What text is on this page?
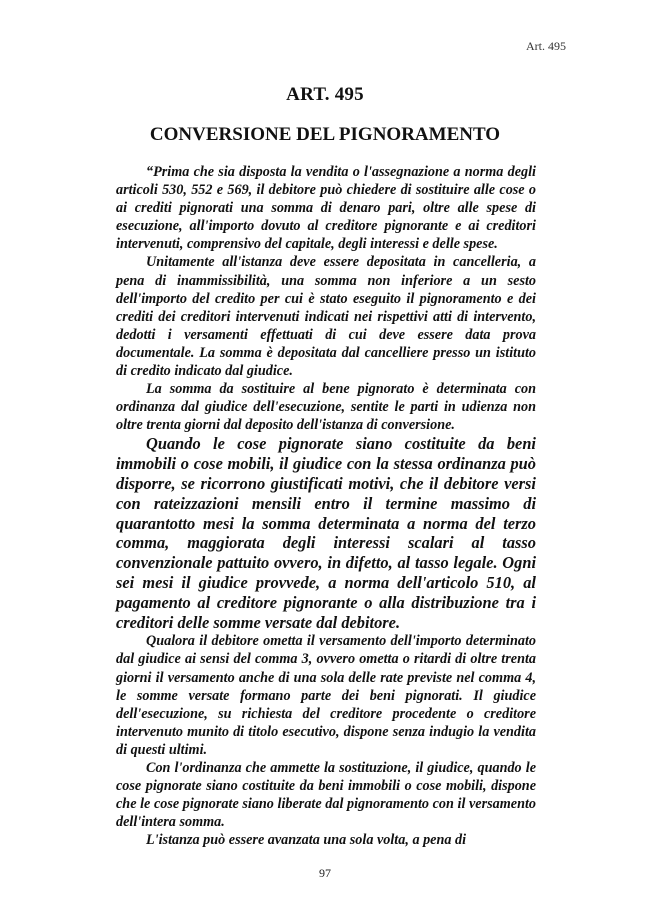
Art. 495
ART. 495
CONVERSIONE DEL PIGNORAMENTO

“Prima che sia disposta la vendita o l'assegnazione a norma degli articoli 530, 552 e 569, il debitore può chiedere di sostituire alle cose o ai crediti pignorati una somma di denaro pari, oltre alle spese di esecuzione, all'importo dovuto al creditore pignorante e ai creditori intervenuti, comprensivo del capitale, degli interessi e delle spese.

Unitamente all'istanza deve essere depositata in cancelleria, a pena di inammissibilità, una somma non inferiore a un sesto dell'importo del credito per cui è stato eseguito il pignoramento e dei crediti dei creditori intervenuti indicati nei rispettivi atti di intervento, dedotti i versamenti effettuati di cui deve essere data prova documentale. La somma è depositata dal cancelliere presso un istituto di credito indicato dal giudice.

La somma da sostituire al bene pignorato è determinata con ordinanza dal giudice dell'esecuzione, sentite le parti in udienza non oltre trenta giorni dal deposito dell'istanza di conversione.

Quando le cose pignorate siano costituite da beni immobili o cose mobili, il giudice con la stessa ordinanza può disporre, se ricorrono giustificati motivi, che il debitore versi con rateizzazioni mensili entro il termine massimo di quarantotto mesi la somma determinata a norma del terzo comma, maggiorata degli interessi scalari al tasso convenzionale pattuito ovvero, in difetto, al tasso legale. Ogni sei mesi il giudice provvede, a norma dell'articolo 510, al pagamento al creditore pignorante o alla distribuzione tra i creditori delle somme versate dal debitore.

Qualora il debitore ometta il versamento dell'importo determinato dal giudice ai sensi del comma 3, ovvero ometta o ritardi di oltre trenta giorni il versamento anche di una sola delle rate previste nel comma 4, le somme versate formano parte dei beni pignorati. Il giudice dell'esecuzione, su richiesta del creditore procedente o creditore intervenuto munito di titolo esecutivo, dispone senza indugio la vendita di questi ultimi.

Con l'ordinanza che ammette la sostituzione, il giudice, quando le cose pignorate siano costituite da beni immobili o cose mobili, dispone che le cose pignorate siano liberate dal pignoramento con il versamento dell'intera somma.

L'istanza può essere avanzata una sola volta, a pena di

97
